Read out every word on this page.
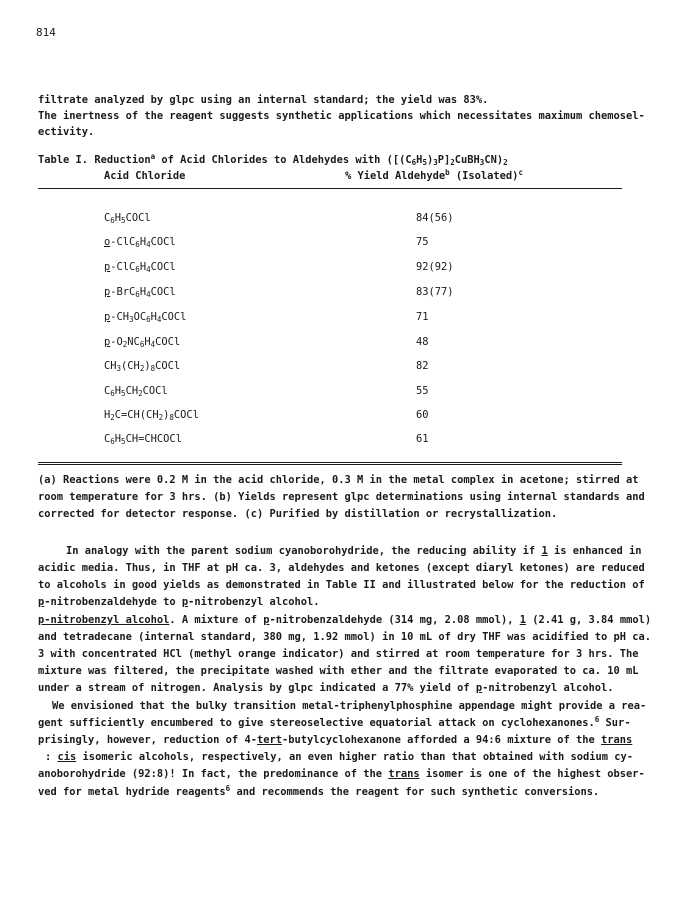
814
filtrate analyzed by glpc using an internal standard; the yield was 83%.
The inertness of the reagent suggests synthetic applications which necessitates maximum chemosel-
ectivity.
Table I. Reduction$^a$ of Acid Chlorides to Aldehydes with $([(C_6H_5)_3P]_2CuBH_3CN)_2$
Acid Chloride	% Yield Aldehyde$^b$ (Isolated)$^c$
$C_6H_5COCl$	84(56)
$o-ClC_6H_4COCl$	75
$p-ClC_6H_4COCl$	92(92)
$p-BrC_6H_4COCl$	83(77)
$p-CH_3OC_6H_4COCl$	71
$p-O_2NC_6H_4COCl$	48
$CH_3(CH_2)_8COCl$	82
$C_6H_5CH_2COCl$	55
$H_2C=CH(CH_2)_8COCl$	60
$C_6H_5CH=CHCOCl$	61
(a) Reactions were 0.2 M in the acid chloride, 0.3 M in the metal complex in acetone; stirred at
room temperature for 3 hrs. (b) Yields represent glpc determinations using internal standards and
corrected for detector response. (c) Purified by distillation or recrystallization.
In analogy with the parent sodium cyanoborohydride, the reducing ability if 1 is enhanced in
acidic media. Thus, in THF at pH ca. 3, aldehydes and ketones (except diaryl ketones) are reduced
to alcohols in good yields as demonstrated in Table II and illustrated below for the reduction of
p-nitrobenzaldehyde to p-nitrobenzyl alcohol.
p-nitrobenzyl alcohol. A mixture of p-nitrobenzaldehyde (314 mg, 2.08 mmol), 1 (2.41 g, 3.84 mmol)
and tetradecane (internal standard, 380 mg, 1.92 mmol) in 10 mL of dry THF was acidified to pH ca.
3 with concentrated HCl (methyl orange indicator) and stirred at room temperature for 3 hrs. The
mixture was filtered, the precipitate washed with ether and the filtrate evaporated to ca. 10 mL
under a stream of nitrogen. Analysis by glpc indicated a 77% yield of p-nitrobenzyl alcohol.
We envisioned that the bulky transition metal-triphenylphosphine appendage might provide a rea-
gent sufficiently encumbered to give stereoselective equatorial attack on cyclohexanones.$^6$ Sur-
prisingly, however, reduction of 4-tert-butylcyclohexanone afforded a 94:6 mixture of the trans
: cis isomeric alcohols, respectively, an even higher ratio than that obtained with sodium cy-
anoborohydride (92:8)! In fact, the predominance of the trans isomer is one of the highest obser-
ved for metal hydride reagents$^6$ and recommends the reagent for such synthetic conversions.
